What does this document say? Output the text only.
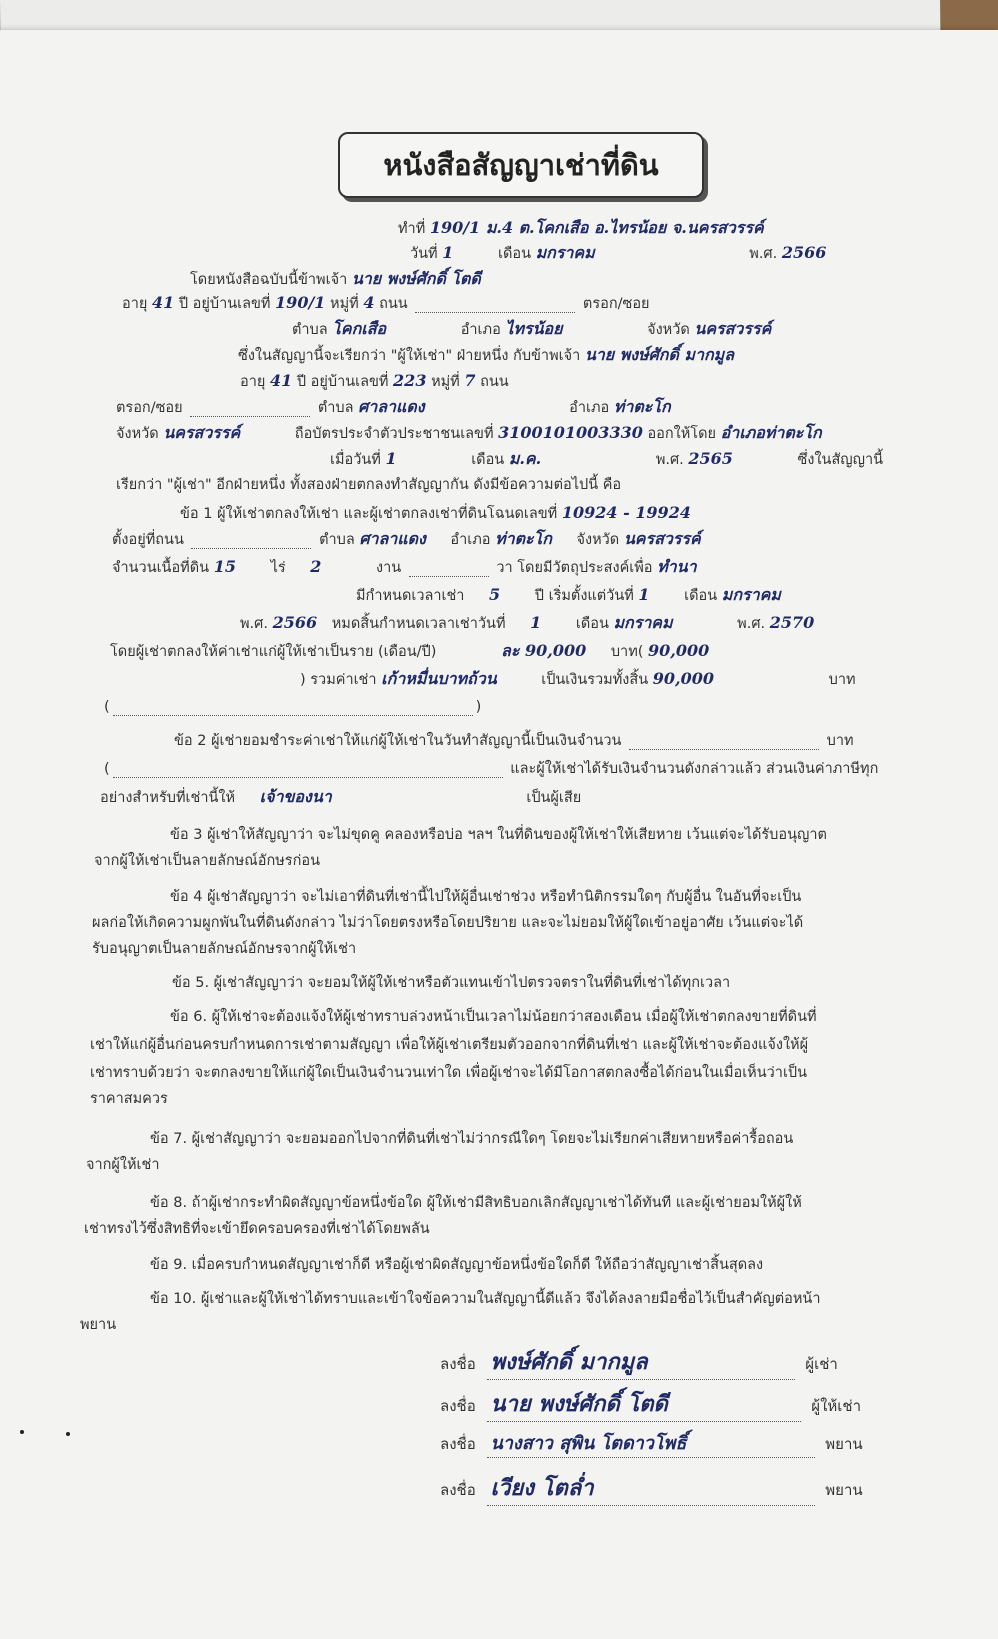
หนังสือสัญญาเช่าที่ดิน
ทำที่ 190/1 ม.4 ต.โคกเสือ อ.ไทรน้อย จ.นครสวรรค์
วันที่ 1	เดือน มกราคม	พ.ศ. 2566
โดยหนังสือฉบับนี้ข้าพเจ้า นาย พงษ์ศักดิ์ โตดี
อายุ 41 ปี อยู่บ้านเลขที่ 190/1 หมู่ที่ 4 ถนน	ตรอก/ซอย
ตำบล โคกเสือ	อำเภอ ไทรน้อย	จังหวัด นครสวรรค์
ซึ่งในสัญญานี้จะเรียกว่า "ผู้ให้เช่า" ฝ่ายหนึ่ง กับข้าพเจ้า นาย พงษ์ศักดิ์ มากมูล
อายุ 41 ปี อยู่บ้านเลขที่ 223 หมู่ที่ 7 ถนน
ตรอก/ซอย	ตำบล ศาลาแดง	อำเภอ ท่าตะโก
จังหวัด นครสวรรค์	ถือบัตรประจำตัวประชาชนเลขที่ 3100101003330 ออกให้โดย อำเภอท่าตะโก
เมื่อวันที่ 1	เดือน ม.ค.	พ.ศ. 2565	ซึ่งในสัญญานี้
เรียกว่า "ผู้เช่า" อีกฝ่ายหนึ่ง ทั้งสองฝ่ายตกลงทำสัญญากัน ดังมีข้อความต่อไปนี้ คือ
ข้อ 1 ผู้ให้เช่าตกลงให้เช่า และผู้เช่าตกลงเช่าที่ดินโฉนดเลขที่ 10924 - 19924
ตั้งอยู่ที่ถนน	ตำบล ศาลาแดง อำเภอ ท่าตะโก จังหวัด นครสวรรค์
จำนวนเนื้อที่ดิน 15 ไร่ 2	งาน	วา โดยมีวัตถุประสงค์เพื่อ ทำนา
มีกำหนดเวลาเช่า 5 ปี เริ่มตั้งแต่วันที่ 1 เดือน มกราคม
พ.ศ. 2566 หมดสิ้นกำหนดเวลาเช่าวันที่ 1 เดือน มกราคม	พ.ศ. 2570
โดยผู้เช่าตกลงให้ค่าเช่าแก่ผู้ให้เช่าเป็นราย (เดือน/ปี)	ละ 90,000 บาท( 90,000
) รวมค่าเช่า เก้าหมื่นบาทถ้วน	เป็นเงินรวมทั้งสิ้น 90,000	บาท
(	)
ข้อ 2 ผู้เช่ายอมชำระค่าเช่าให้แก่ผู้ให้เช่าในวันทำสัญญานี้เป็นเงินจำนวน	บาท
(	และผู้ให้เช่าได้รับเงินจำนวนดังกล่าวแล้ว ส่วนเงินค่าภาษีทุก
อย่างสำหรับที่เช่านี้ให้ เจ้าของนา	เป็นผู้เสีย
ข้อ 3 ผู้เช่าให้สัญญาว่า จะไม่ขุดคู คลองหรือบ่อ ฯลฯ ในที่ดินของผู้ให้เช่าให้เสียหาย เว้นแต่จะได้รับอนุญาต
จากผู้ให้เช่าเป็นลายลักษณ์อักษรก่อน
ข้อ 4 ผู้เช่าสัญญาว่า จะไม่เอาที่ดินที่เช่านี้ไปให้ผู้อื่นเช่าช่วง หรือทำนิติกรรมใดๆ กับผู้อื่น ในอันที่จะเป็น
ผลก่อให้เกิดความผูกพันในที่ดินดังกล่าว ไม่ว่าโดยตรงหรือโดยปริยาย และจะไม่ยอมให้ผู้ใดเข้าอยู่อาศัย เว้นแต่จะได้
รับอนุญาตเป็นลายลักษณ์อักษรจากผู้ให้เช่า
ข้อ 5. ผู้เช่าสัญญาว่า จะยอมให้ผู้ให้เช่าหรือตัวแทนเข้าไปตรวจตราในที่ดินที่เช่าได้ทุกเวลา
ข้อ 6. ผู้ให้เช่าจะต้องแจ้งให้ผู้เช่าทราบล่วงหน้าเป็นเวลาไม่น้อยกว่าสองเดือน เมื่อผู้ให้เช่าตกลงขายที่ดินที่
เช่าให้แก่ผู้อื่นก่อนครบกำหนดการเช่าตามสัญญา เพื่อให้ผู้เช่าเตรียมตัวออกจากที่ดินที่เช่า และผู้ให้เช่าจะต้องแจ้งให้ผู้
เช่าทราบด้วยว่า จะตกลงขายให้แก่ผู้ใดเป็นเงินจำนวนเท่าใด เพื่อผู้เช่าจะได้มีโอกาสตกลงซื้อได้ก่อนในเมื่อเห็นว่าเป็น
ราคาสมควร
ข้อ 7. ผู้เช่าสัญญาว่า จะยอมออกไปจากที่ดินที่เช่าไม่ว่ากรณีใดๆ โดยจะไม่เรียกค่าเสียหายหรือค่ารื้อถอน
จากผู้ให้เช่า
ข้อ 8. ถ้าผู้เช่ากระทำผิดสัญญาข้อหนึ่งข้อใด ผู้ให้เช่ามีสิทธิบอกเลิกสัญญาเช่าได้ทันที และผู้เช่ายอมให้ผู้ให้
เช่าทรงไว้ซึ่งสิทธิที่จะเข้ายึดครอบครองที่เช่าได้โดยพลัน
ข้อ 9. เมื่อครบกำหนดสัญญาเช่าก็ดี หรือผู้เช่าผิดสัญญาข้อหนึ่งข้อใดก็ดี ให้ถือว่าสัญญาเช่าสิ้นสุดลง
ข้อ 10. ผู้เช่าและผู้ให้เช่าได้ทราบและเข้าใจข้อความในสัญญานี้ดีแล้ว จึงได้ลงลายมือชื่อไว้เป็นสำคัญต่อหน้า
พยาน
ลงชื่อ พงษ์ศักดิ์ มากมูล	ผู้เช่า
ลงชื่อ นาย พงษ์ศักดิ์ โตดี	ผู้ให้เช่า
ลงชื่อ นางสาว สุพิน โตดาวโพธิ์	พยาน
ลงชื่อ เวียง โตล่ำ	พยาน
